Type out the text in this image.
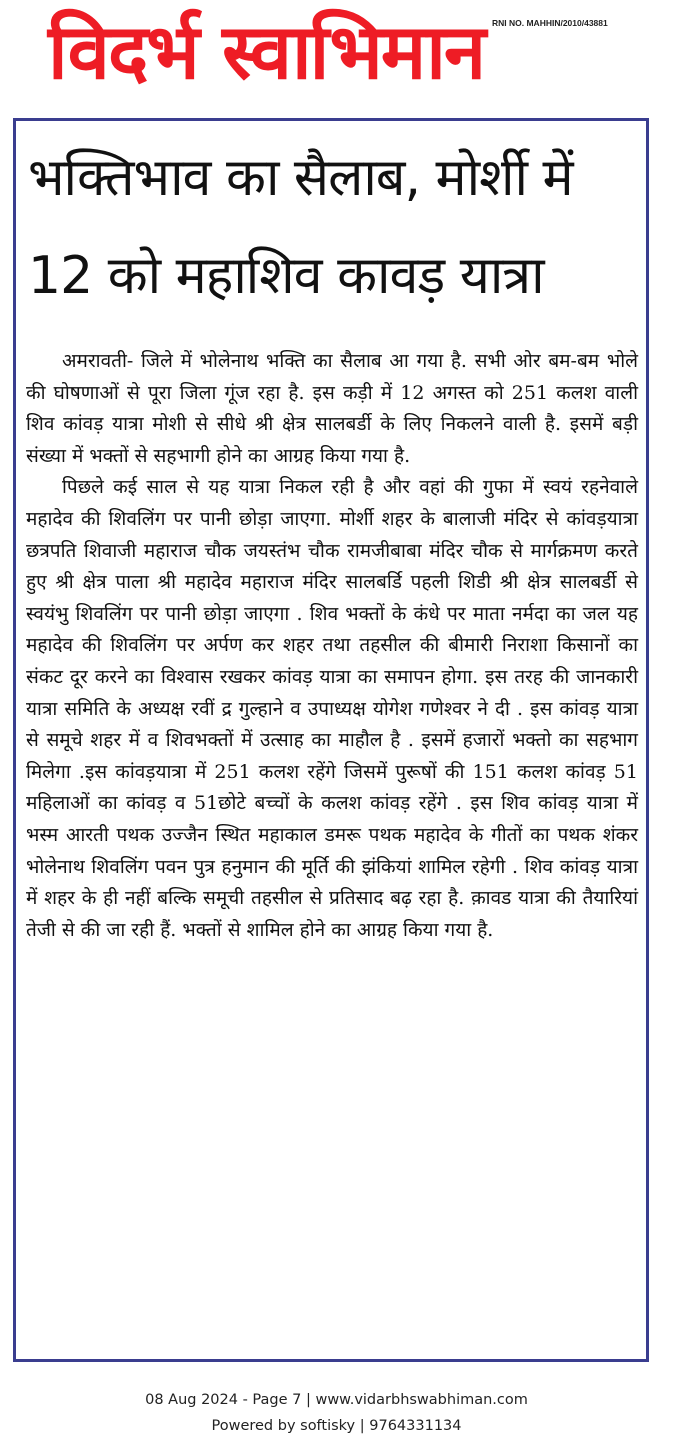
विदर्भ स्वाभिमान RNI NO. MAHHIN/2010/43881
भक्तिभाव का सैलाब, मोर्शी में
12 को महाशिव कावड़ यात्रा

अमरावती- जिले में भोलेनाथ भक्ति का सैलाब आ गया है. सभी ओर बम-बम भोले की घोषणाओं से पूरा जिला गूंज रहा है. इस कड़ी में 12 अगस्त को 251 कलश वाली शिव कांवड़ यात्रा मोशी से सीधे श्री क्षेत्र सालबर्डी के लिए निकलने वाली है. इसमें बड़ी संख्या में भक्तों से सहभागी होने का आग्रह किया गया है.

पिछले कई साल से यह यात्रा निकल रही है और वहां की गुफा में स्वयं रहनेवाले महादेव की शिवलिंग पर पानी छोड़ा जाएगा. मोर्शी शहर के बालाजी मंदिर से कांवड़यात्रा छत्रपति शिवाजी महाराज चौक जयस्तंभ चौक रामजीबाबा मंदिर चौक से मार्गक्रमण करते हुए श्री क्षेत्र पाला श्री महादेव महाराज मंदिर सालबर्डि पहली शिडी श्री क्षेत्र सालबर्डी से स्वयंभु शिवलिंग पर पानी छोड़ा जाएगा . शिव भक्तों के कंधे पर माता नर्मदा का जल यह महादेव की शिवलिंग पर अर्पण कर शहर तथा तहसील की बीमारी निराशा किसानों का संकट दूर करने का विश्वास रखकर कांवड़ यात्रा का समापन होगा. इस तरह की जानकारी यात्रा समिति के अध्यक्ष रवीं द्र गुल्हाने व उपाध्यक्ष योगेश गणेश्वर ने दी . इस कांवड़ यात्रा से समूचे शहर में व शिवभक्तों में उत्साह का माहौल है . इसमें हजारों भक्तो का सहभाग मिलेगा .इस कांवड़यात्रा में 251 कलश रहेंगे जिसमें पुरूषों की 151 कलश कांवड़ 51 महिलाओं का कांवड़ व 51छोटे बच्चों के कलश कांवड़ रहेंगे . इस शिव कांवड़ यात्रा में भस्म आरती पथक उज्जैन स्थित महाकाल डमरू पथक महादेव के गीतों का पथक शंकर भोलेनाथ शिवलिंग पवन पुत्र हनुमान की मूर्ति की झंकियां शामिल रहेगी . शिव कांवड़ यात्रा में शहर के ही नहीं बल्कि समूची तहसील से प्रतिसाद बढ़ रहा है. क़ावड यात्रा की तैयारियां तेजी से की जा रही हैं. भक्तों से शामिल होने का आग्रह किया गया है.

08 Aug 2024 - Page 7 | www.vidarbhswabhiman.com
Powered by softisky | 9764331134
